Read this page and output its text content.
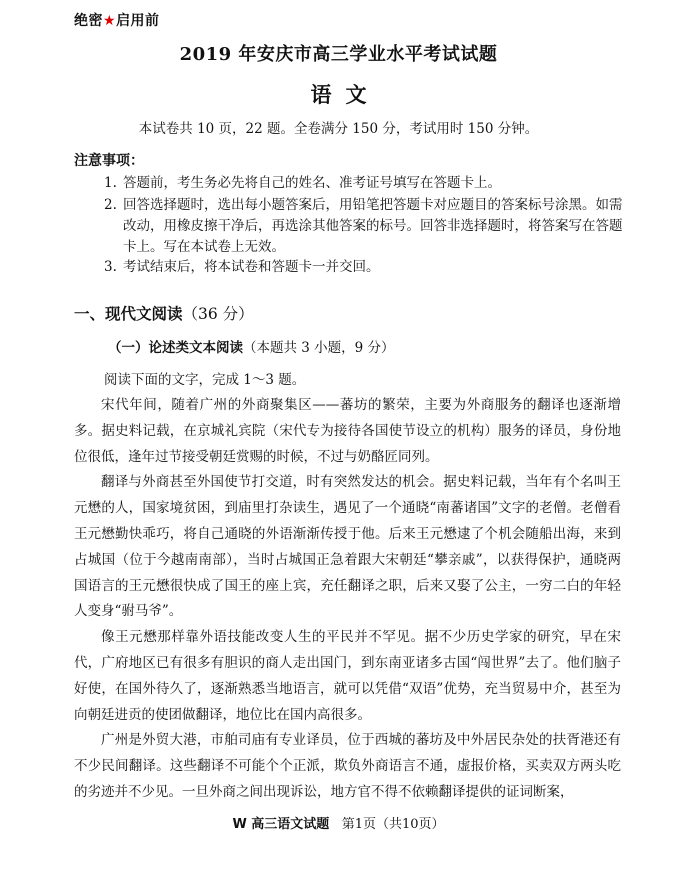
绝密★启用前
2019 年安庆市高三学业水平考试试题
语文
本试卷共 10 页，22 题。全卷满分 150 分，考试用时 150 分钟。
注意事项：
1. 答题前，考生务必先将自己的姓名、准考证号填写在答题卡上。
2. 回答选择题时，选出每小题答案后，用铅笔把答题卡对应题目的答案标号涂黑。如需改动，用橡皮擦干净后，再选涂其他答案的标号。回答非选择题时，将答案写在答题卡上。写在本试卷上无效。
3. 考试结束后，将本试卷和答题卡一并交回。
一、现代文阅读（36 分）
（一）论述类文本阅读（本题共 3 小题，9 分）
阅读下面的文字，完成 1～3 题。

宋代年间，随着广州的外商聚集区——蕃坊的繁荣，主要为外商服务的翻译也逐渐增多。据史料记载，在京城礼宾院（宋代专为接待各国使节设立的机构）服务的译员，身份地位很低，逢年过节接受朝廷赏赐的时候，不过与奶酪匠同列。

翻译与外商甚至外国使节打交道，时有突然发达的机会。据史料记载，当年有个名叫王元懋的人，国家境贫困，到庙里打杂读生，遇见了一个通晓“南蕃诸国”文字的老僧。老僧看王元懋勤快乖巧，将自己通晓的外语渐渐传授于他。后来王元懋逮了个机会随船出海，来到占城国（位于今越南南部），当时占城国正急着跟大宋朝廷“攀亲戚”，以获得保护，通晓两国语言的王元懋很快成了国王的座上宾，充任翻译之职，后来又娶了公主，一穷二白的年轻人变身“驸马爷”。

像王元懋那样靠外语技能改变人生的平民并不罕见。据不少历史学家的研究，早在宋代，广府地区已有很多有胆识的商人走出国门，到东南亚诸多古国“闯世界”去了。他们脑子好使，在国外待久了，逐渐熟悉当地语言，就可以凭借“双语”优势，充当贸易中介，甚至为向朝廷进贡的使团做翻译，地位比在国内高很多。

广州是外贸大港，市舶司庙有专业译员，位于西城的蕃坊及中外居民杂处的扶胥港还有不少民间翻译。这些翻译不可能个个正派，欺负外商语言不通，虚报价格，买卖双方两头吃的劣迹并不少见。一旦外商之间出现诉讼，地方官不得不依赖翻译提供的证词断案，

W 高三语文试题 第1页（共10页）
